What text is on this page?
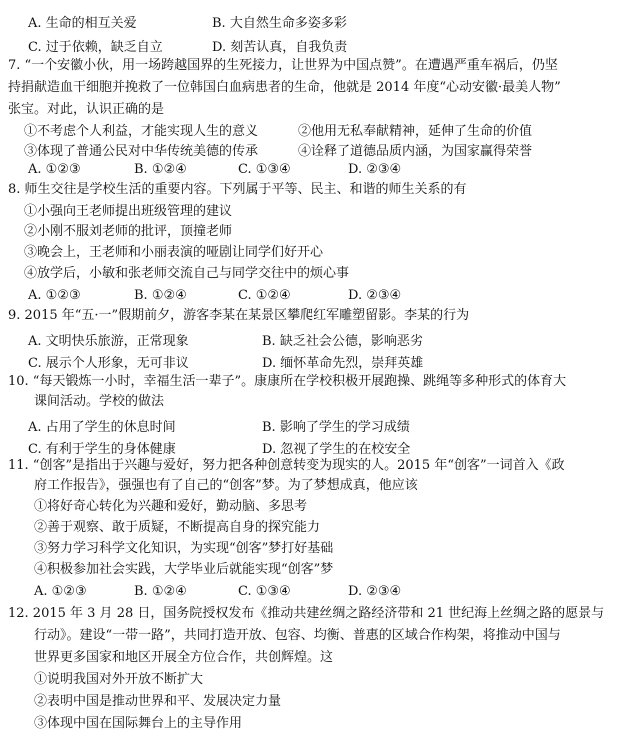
A. 生命的相互关爱	B. 大自然生命多姿多彩
C. 过于依赖，缺乏自立	D. 刻苦认真，自我负责
7. “一个安徽小伙，用一场跨越国界的生死接力，让世界为中国点赞”。在遭遇严重车祸后，仍坚
持捐献造血干细胞并挽救了一位韩国白血病患者的生命，他就是 2014 年度“心动安徽·最美人物”
张宝。对此，认识正确的是
①不考虑个人利益，才能实现人生的意义	②他用无私奉献精神，延伸了生命的价值
③体现了普通公民对中华传统美德的传承	④诠释了道德品质内涵，为国家赢得荣誉
A. ①②③	B. ①②④	C. ①③④	D. ②③④
8. 师生交往是学校生活的重要内容。下列属于平等、民主、和谐的师生关系的有
①小强向王老师提出班级管理的建议
②小刚不服刘老师的批评，顶撞老师
③晚会上，王老师和小丽表演的哑剧让同学们好开心
④放学后，小敏和张老师交流自己与同学交往中的烦心事
A. ①②③	B. ①②④	C. ①②④	D. ②③④
9. 2015 年“五·一”假期前夕，游客李某在某景区攀爬红军雕塑留影。李某的行为
A. 文明快乐旅游，正常现象	B. 缺乏社会公德，影响恶劣
C. 展示个人形象，无可非议	D. 缅怀革命先烈，崇拜英雄
10. “每天锻炼一小时，幸福生活一辈子”。康康所在学校积极开展跑操、跳绳等多种形式的体育大
课间活动。学校的做法
A. 占用了学生的休息时间	B. 影响了学生的学习成绩
C. 有利于学生的身体健康	D. 忽视了学生的在校安全
11. “创客”是指出于兴趣与爱好，努力把各种创意转变为现实的人。2015 年“创客”一词首入《政
府工作报告》，强强也有了自己的“创客”梦。为了梦想成真，他应该
①将好奇心转化为兴趣和爱好，勤动脑、多思考
②善于观察、敢于质疑，不断提高自身的探究能力
③努力学习科学文化知识，为实现“创客”梦打好基础
④积极参加社会实践，大学毕业后就能实现“创客”梦
A. ①②③	B. ①②④	C. ①③④	D. ②③④
12. 2015 年 3 月 28 日，国务院授权发布《推动共建丝绸之路经济带和 21 世纪海上丝绸之路的愿景与
行动》。建设“一带一路”，共同打造开放、包容、均衡、普惠的区域合作构架，将推动中国与
世界更多国家和地区开展全方位合作，共创辉煌。这
①说明我国对外开放不断扩大
②表明中国是推动世界和平、发展决定力量
③体现中国在国际舞台上的主导作用
